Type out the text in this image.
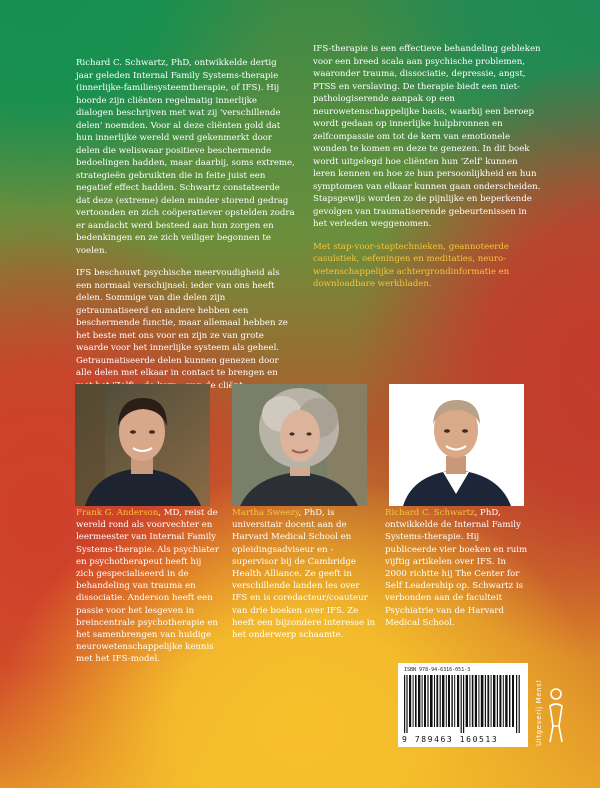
Richard C. Schwartz, PhD, ontwikkelde dertig jaar geleden Internal Family Systems-therapie (innerlijke-familiesysteemtherapie, of IFS). Hij hoorde zijn cliënten regelmatig innerlijke dialogen beschrijven met wat zij 'verschillende delen' noemden. Voor al deze cliënten gold dat hun innerlijke wereld werd gekenmerkt door delen die weliswaar positieve beschermende bedoelingen hadden, maar daarbij, soms extreme, strategieën gebruikten die in feite juist een negatief effect hadden. Schwartz constateerde dat deze (extreme) delen minder storend gedrag vertoonden en zich coöperatiever opstelden zodra er aandacht werd besteed aan hun zorgen en bedenkingen en ze zich veiliger begonnen te voelen.

IFS beschouwt psychische meervoudigheid als een normaal verschijnsel: ieder van ons heeft delen. Sommige van die delen zijn getraumatiseerd en andere hebben een beschermende functie, maar allemaal hebben ze het beste met ons voor en zijn ze van grote waarde voor het innerlijke systeem als geheel. Getraumatiseerde delen kunnen genezen door alle delen met elkaar in contact te brengen en de cliënt.

IFS-therapie is een effectieve behandeling gebleken voor een breed scala aan psychische problemen, waaronder trauma, dissociatie, depressie, angst, PTSS en verslaving. De therapie biedt een niet-pathologiserende aanpak op een neurowetenschappelijke basis, waarbij een beroep wordt gedaan op innerlijke hulpbronnen en zelfcompassie om tot de kern van emotionele wonden te komen en deze te genezen. In dit boek wordt uitgelegd hoe cliënten hun 'Zelf' kunnen leren kennen en hoe ze hun persoonlijkheid en hun symptomen van elkaar kunnen gaan onderscheiden. Stapsgewijs worden zo de pijnlijke en beperkende gevolgen van traumatiserende gebeurtenissen in het verleden weggenomen.

Met stap-voor-staptechnieken, geannoteerde casuïstiek, oefeningen en meditaties, neuro-wetenschappelijke achtergrondinformatie en downloadbare werkbladen.

Frank G. Anderson, MD, reist de wereld rond als voorvechter en leermeester van Internal Family Systems-therapie. Als psychiater en psychotherapeut heeft hij zich gespecialiseerd in de behandeling van trauma en dissociatie. Anderson heeft een passie voor het lesgeven in breincentrale psychotherapie en het samenbrengen van huidige neurowetenschappelijke kennis met het IFS-model.
Martha Sweezy, PhD, is universitair docent aan de Harvard Medical School en opleidingsadviseur en -supervisor bij de Cambridge Health Alliance. Ze geeft in verschillende landen les over IFS en is coredacteur/coauteur van drie boeken over IFS. Ze heeft een bijzondere interesse in het onderwerp schaamte.
Richard C. Schwartz, PhD, ontwikkelde de Internal Family Systems-therapie. Hij publiceerde vier boeken en ruim vijftig artikelen over IFS. In 2000 richtte hij The Center for Self Leadership op. Schwartz is verbonden aan de faculteit Psychiatrie van de Harvard Medical School.
ISBN 978-94-6316-051-3
9 789463 160513	Uitgeverij Mens!
